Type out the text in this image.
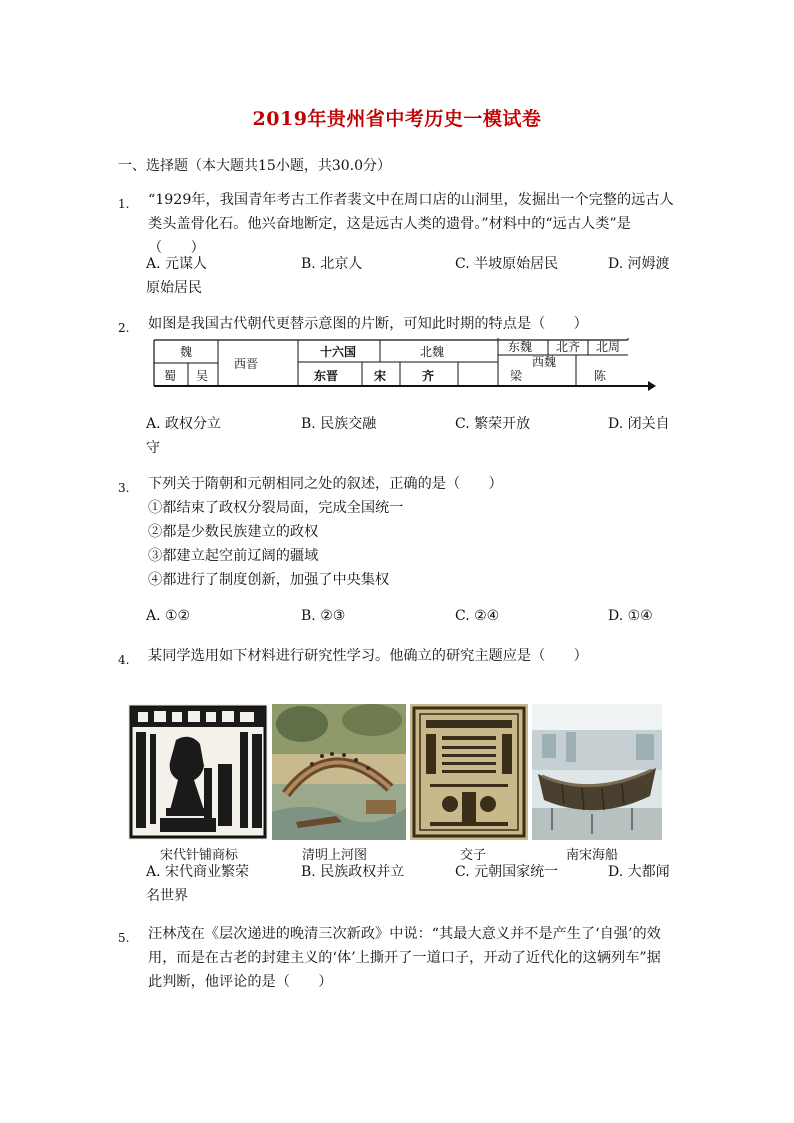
2019年贵州省中考历史一模试卷
一、选择题（本大题共15小题，共30.0分）
1.	“1929年，我国青年考古工作者裴文中在周口店的山洞里，发掘出一个完整的远古人
类头盖骨化石。他兴奋地断定，这是远古人类的遗骨。”材料中的“远古人类”是（　　）
A. 元谋人	B. 北京人	C. 半坡原始居民	D. 河姆渡
原始居民
2.	如图是我国古代朝代更替示意图的片断，可知此时期的特点是（　　）
魏	十六国	北魏	东魏 北齐 北周
蜀 吴
西晋
东晋	宋	齐	梁
西魏
陈
A. 政权分立	B. 民族交融	C. 繁荣开放	D. 闭关自
守
3.	下列关于隋朝和元朝相同之处的叙述，正确的是（　　）
①都结束了政权分裂局面，完成全国统一
②都是少数民族建立的政权
③都建立起空前辽阔的疆域
④都进行了制度创新，加强了中央集权
A. ①②	B. ②③	C. ②④	D. ①④
4.	某同学选用如下材料进行研究性学习。他确立的研究主题应是（　　）
宋代针铺商标	清明上河图	交子	南宋海船
A. 宋代商业繁荣	B. 民族政权并立	C. 元朝国家统一	D. 大都闻
名世界
5.	汪林茂在《层次递进的晚清三次新政》中说：“其最大意义并不是产生了‘自强’的效
用，而是在古老的封建主义的‘体’上撕开了一道口子，开动了近代化的这辆列车”据
此判断，他评论的是（　　）
